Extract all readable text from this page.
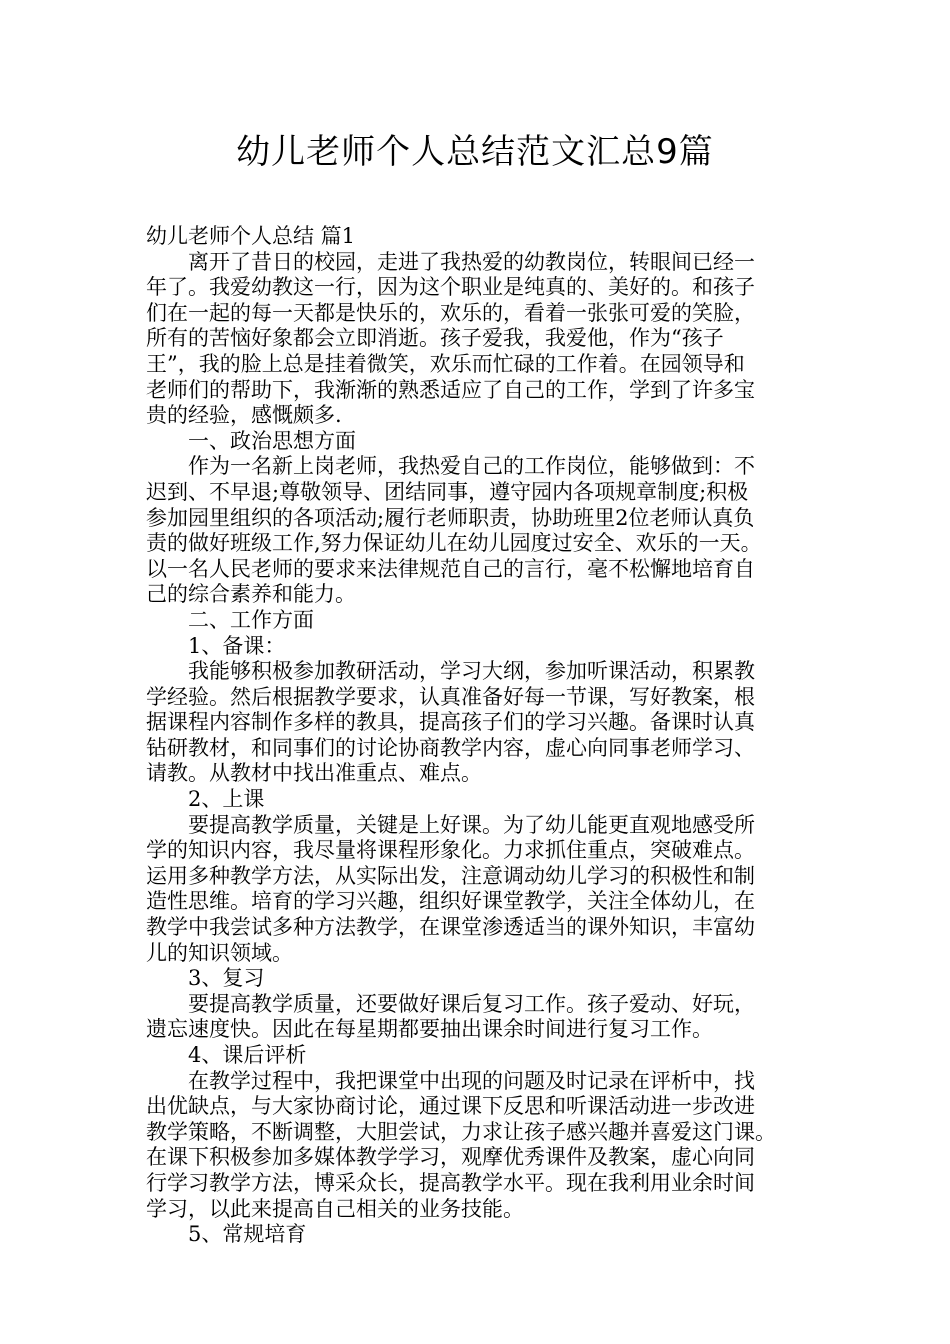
幼儿老师个人总结范文汇总9篇

幼儿老师个人总结 篇1

离开了昔日的校园，走进了我热爱的幼教岗位，转眼间已经一

年了。我爱幼教这一行，因为这个职业是纯真的、美好的。和孩子

们在一起的每一天都是快乐的，欢乐的，看着一张张可爱的笑脸，

所有的苦恼好象都会立即消逝。孩子爱我，我爱他，作为“孩子

王”，我的脸上总是挂着微笑，欢乐而忙碌的工作着。在园领导和

老师们的帮助下，我渐渐的熟悉适应了自己的工作，学到了许多宝

贵的经验，感慨颇多.

一、政治思想方面

作为一名新上岗老师，我热爱自己的工作岗位，能够做到：不

迟到、不早退;尊敬领导、团结同事，遵守园内各项规章制度;积极

参加园里组织的各项活动;履行老师职责，协助班里2位老师认真负

责的做好班级工作,努力保证幼儿在幼儿园度过安全、欢乐的一天。

以一名人民老师的要求来法律规范自己的言行，毫不松懈地培育自

己的综合素养和能力。

二、工作方面

1、备课：

我能够积极参加教研活动，学习大纲，参加听课活动，积累教

学经验。然后根据教学要求，认真准备好每一节课，写好教案，根

据课程内容制作多样的教具，提高孩子们的学习兴趣。备课时认真

钻研教材，和同事们的讨论协商教学内容，虚心向同事老师学习、

请教。从教材中找出准重点、难点。

2、上课

要提高教学质量，关键是上好课。为了幼儿能更直观地感受所

学的知识内容，我尽量将课程形象化。力求抓住重点，突破难点。

运用多种教学方法，从实际出发，注意调动幼儿学习的积极性和制

造性思维。培育的学习兴趣，组织好课堂教学，关注全体幼儿，在

教学中我尝试多种方法教学，在课堂渗透适当的课外知识，丰富幼

儿的知识领域。

3、复习

要提高教学质量，还要做好课后复习工作。孩子爱动、好玩，

遗忘速度快。因此在每星期都要抽出课余时间进行复习工作。

4、课后评析

在教学过程中，我把课堂中出现的问题及时记录在评析中，找

出优缺点，与大家协商讨论，通过课下反思和听课活动进一步改进

教学策略，不断调整，大胆尝试，力求让孩子感兴趣并喜爱这门课。

在课下积极参加多媒体教学学习，观摩优秀课件及教案，虚心向同

行学习教学方法，博采众长，提高教学水平。现在我利用业余时间

学习，以此来提高自己相关的业务技能。

5、常规培育
